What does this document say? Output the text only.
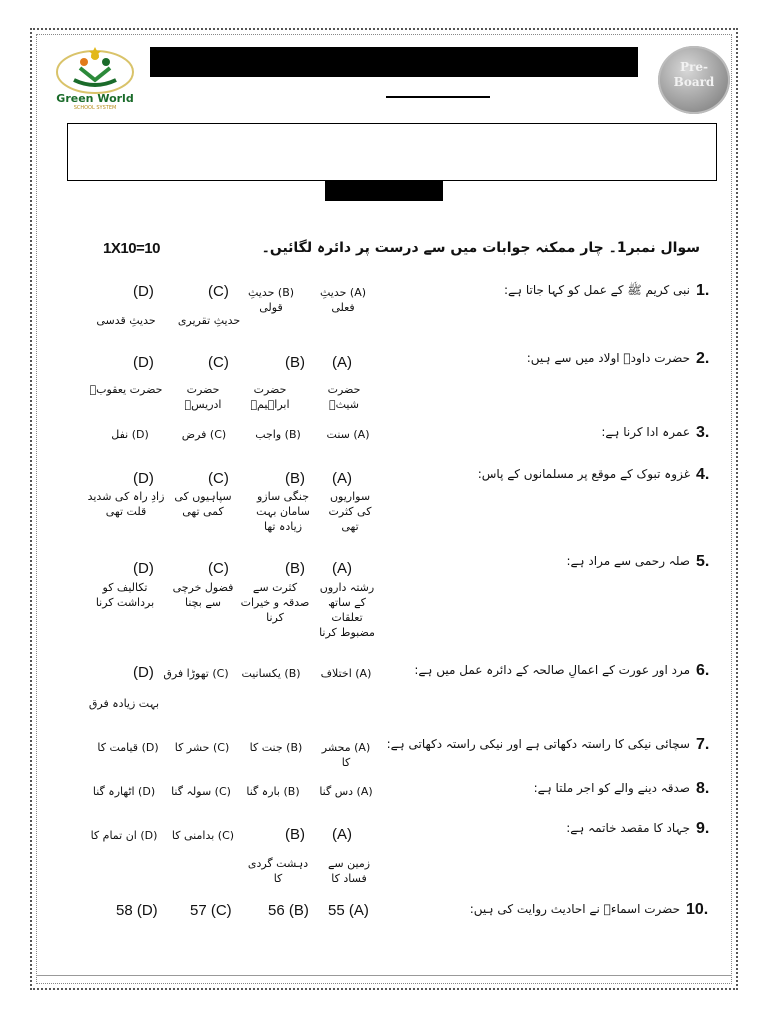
Green World
SCHOOL SYSTEM
Pre-
Board
1X10=10	سوال نمبر1۔ چار ممکنہ جوابات میں سے درست پر دائرہ لگائیں۔
1.
نبی کریم ﷺ کے عمل کو کہا جاتا ہے:
(A) حدیثِ فعلی
(B) حدیثِ قولی
(C)
(D)
حدیثِ تقریری
حدیثِ قدسی
2.
حضرت داودؑ اولاد میں سے ہیں:
(A)
(B)
(C)
(D)
حضرت شیثؑ
حضرت ابراہیمؑ
حضرت ادریسؑ
حضرت یعقوبؑ
3.
عمرہ ادا کرنا ہے:
(A) سنت
(B) واجب
(C) فرض
(D) نفل
4.
غزوہ تبوک کے موقع پر مسلمانوں کے پاس:
(A)
(B)
(C)
(D)
سواریوں کی کثرت تھی
جنگی سازو سامان بہت زیادہ تھا
سپاہیوں کی کمی تھی
زادِ راہ کی شدید قلت تھی
5.
صلہ رحمی سے مراد ہے:
(A)
(B)
(C)
(D)
رشتہ داروں کے ساتھ تعلقات مضبوط کرنا
کثرت سے صدقہ و خیرات کرنا
فضول خرچی سے بچنا
تکالیف کو برداشت کرنا
6.
مرد اور عورت کے اعمالِ صالحہ کے دائرہ عمل میں ہے:
(A) اختلاف
(B) یکسانیت
(C) تھوڑا فرق
(D)
بہت زیادہ فرق
7.
سچائی نیکی کا راستہ دکھاتی ہے اور نیکی راستہ دکھاتی ہے:
(A) محشر کا
(B) جنت کا
(C) حشر کا
(D) قیامت کا
8.
صدقہ دینے والے کو اجر ملتا ہے:
(A) دس گنا
(B) بارہ گنا
(C) سولہ گنا
(D) اٹھارہ گنا
9.
جہاد کا مقصد خاتمہ ہے:
(A)
(B)
(C) بدامنی کا
(D) ان تمام کا
زمین سے فساد کا
دہشت گردی کا
10.
حضرت اسماءؓ نے احادیث روایت کی ہیں:
55 (A)
56 (B)
57 (C)
58 (D)
